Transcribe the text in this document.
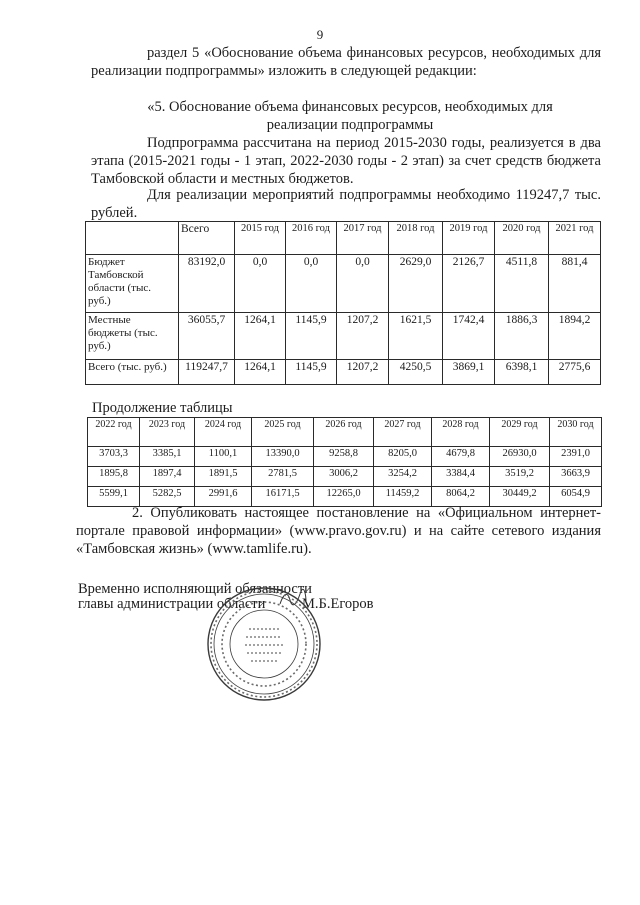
9

раздел 5 «Обоснование объема финансовых ресурсов, необходимых для реализации подпрограммы» изложить в следующей редакции:

«5. Обоснование объема финансовых ресурсов, необходимых для реализации подпрограммы

Подпрограмма рассчитана на период 2015-2030 годы, реализуется в два этапа (2015-2021 годы - 1 этап, 2022-2030 годы - 2 этап) за счет средств бюджета Тамбовской области и местных бюджетов.

Для реализации мероприятий подпрограммы необходимо 119247,7 тыс. рублей.

	Всего	2015 год	2016 год	2017 год	2018 год	2019 год	2020 год	2021 год
Бюджет Тамбовской области (тыс. руб.)	83192,0	0,0	0,0	0,0	2629,0	2126,7	4511,8	881,4
Местные бюджеты (тыс. руб.)	36055,7	1264,1	1145,9	1207,2	1621,5	1742,4	1886,3	1894,2
Всего (тыс. руб.)	119247,7	1264,1	1145,9	1207,2	4250,5	3869,1	6398,1	2775,6
Продолжение таблицы
2022 год	2023 год	2024 год	2025 год	2026 год	2027 год	2028 год	2029 год	2030 год
3703,3	3385,1	1100,1	13390,0	9258,8	8205,0	4679,8	26930,0	2391,0
1895,8	1897,4	1891,5	2781,5	3006,2	3254,2	3384,4	3519,2	3663,9
5599,1	5282,5	2991,6	16171,5	12265,0	11459,2	8064,2	30449,2	6054,9

2. Опубликовать настоящее постановление на «Официальном интернет-портале правовой информации» (www.pravo.gov.ru) и на сайте сетевого издания «Тамбовская жизнь» (www.tamlife.ru).

Временно исполняющий обязанности
главы администрации области	М.Б.Егоров
